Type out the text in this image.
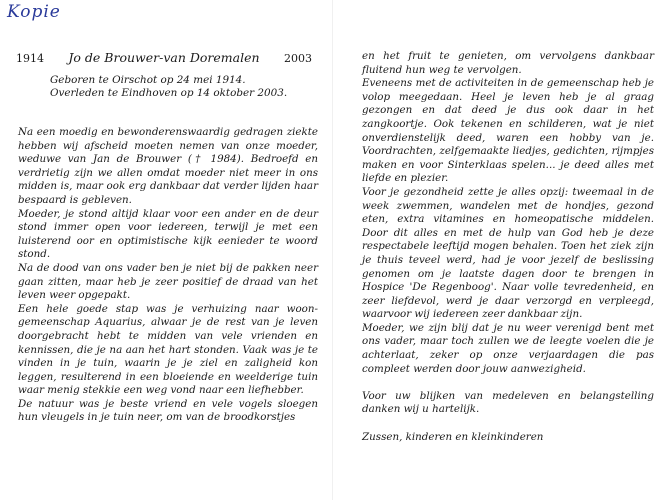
Kopie
1914 Jo de Brouwer-van Doremalen 2003
Geboren te Oirschot op 24 mei 1914.
Overleden te Eindhoven op 14 oktober 2003.

Na een moedig en bewonderenswaardig gedragen ziekte hebben wij afscheid moeten nemen van onze moeder, weduwe van Jan de Brouwer († 1984). Bedroefd en verdrietig zijn we allen omdat moeder niet meer in ons midden is, maar ook erg dankbaar dat verder lijden haar bespaard is gebleven.

Moeder, je stond altijd klaar voor een ander en de deur stond immer open voor iedereen, terwijl je met een luisterend oor en optimistische kijk eenieder te woord stond.

Na de dood van ons vader ben je niet bij de pakken neer gaan zitten, maar heb je zeer positief de draad van het leven weer opgepakt.

Een hele goede stap was je verhuizing naar woon-gemeenschap Aquarius, alwaar je de rest van je leven doorgebracht hebt te midden van vele vrienden en kennissen, die je na aan het hart stonden. Vaak was je te vinden in je tuin, waarin je je ziel en zaligheid kon leggen, resulterend in een bloeiende en weelderige tuin waar menig stekkie een weg vond naar een liefhebber.

De natuur was je beste vriend en vele vogels sloegen hun vleugels in je tuin neer, om van de broodkorstjes

en het fruit te genieten, om vervolgens dankbaar fluitend hun weg te vervolgen.

Eveneens met de activiteiten in de gemeenschap heb je volop meegedaan. Heel je leven heb je al graag gezongen en dat deed je dus ook daar in het zangkoortje. Ook tekenen en schilderen, wat je niet onverdienstelijk deed, waren een hobby van je. Voordrachten, zelfgemaakte liedjes, gedichten, rijmpjes maken en voor Sinterklaas spelen... je deed alles met liefde en plezier.

Voor je gezondheid zette je alles opzij: tweemaal in de week zwemmen, wandelen met de hondjes, gezond eten, extra vitamines en homeopatische middelen. Door dit alles en met de hulp van God heb je deze respectabele leeftijd mogen behalen. Toen het ziek zijn je thuis teveel werd, had je voor jezelf de beslissing genomen om je laatste dagen door te brengen in Hospice 'De Regenboog'. Naar volle tevredenheid, en zeer liefdevol, werd je daar verzorgd en verpleegd, waarvoor wij iedereen zeer dankbaar zijn.

Moeder, we zijn blij dat je nu weer verenigd bent met ons vader, maar toch zullen we de leegte voelen die je achterlaat, zeker op onze verjaardagen die pas compleet werden door jouw aanwezigheid.

Voor uw blijken van medeleven en belangstelling danken wij u hartelijk.

Zussen, kinderen en kleinkinderen
